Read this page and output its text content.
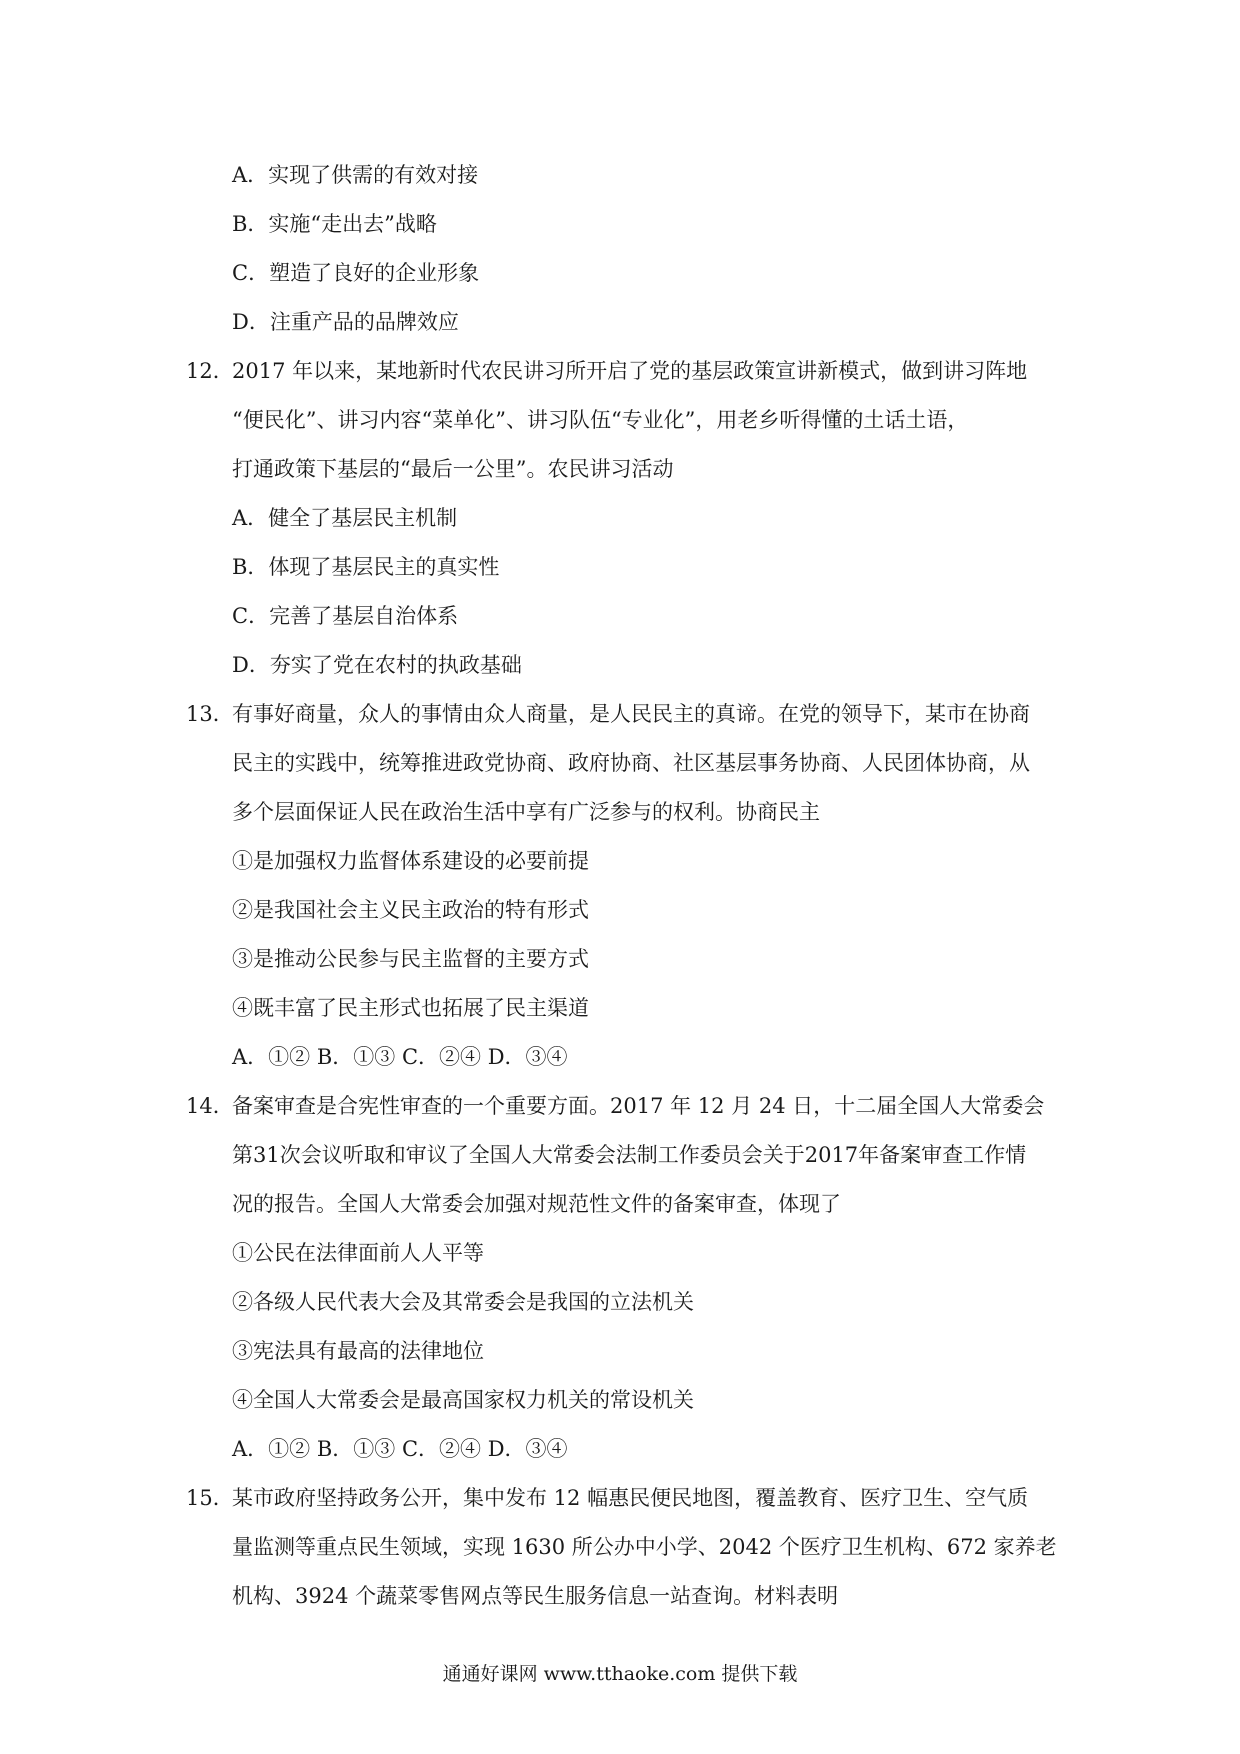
A．实现了供需的有效对接
B．实施“走出去”战略
C．塑造了良好的企业形象
D．注重产品的品牌效应
12．
2017 年以来，某地新时代农民讲习所开启了党的基层政策宣讲新模式，做到讲习阵地
“便民化”、讲习内容“菜单化”、讲习队伍“专业化”，用老乡听得懂的土话土语，
打通政策下基层的“最后一公里”。农民讲习活动
A．健全了基层民主机制
B．体现了基层民主的真实性
C．完善了基层自治体系
D．夯实了党在农村的执政基础
13．
有事好商量，众人的事情由众人商量，是人民民主的真谛。在党的领导下，某市在协商
民主的实践中，统筹推进政党协商、政府协商、社区基层事务协商、人民团体协商，从
多个层面保证人民在政治生活中享有广泛参与的权利。协商民主
①是加强权力监督体系建设的必要前提
②是我国社会主义民主政治的特有形式
③是推动公民参与民主监督的主要方式
④既丰富了民主形式也拓展了民主渠道
A．①② B．①③ C．②④ D．③④
14．
备案审查是合宪性审查的一个重要方面。2017 年 12 月 24 日，十二届全国人大常委会
第31次会议听取和审议了全国人大常委会法制工作委员会关于2017年备案审查工作情
况的报告。全国人大常委会加强对规范性文件的备案审查，体现了
①公民在法律面前人人平等
②各级人民代表大会及其常委会是我国的立法机关
③宪法具有最高的法律地位
④全国人大常委会是最高国家权力机关的常设机关
A．①② B．①③ C．②④ D．③④
15．
某市政府坚持政务公开，集中发布 12 幅惠民便民地图，覆盖教育、医疗卫生、空气质
量监测等重点民生领域，实现 1630 所公办中小学、2042 个医疗卫生机构、672 家养老
机构、3924 个蔬菜零售网点等民生服务信息一站查询。材料表明
通通好课网 www.tthaoke.com 提供下载
